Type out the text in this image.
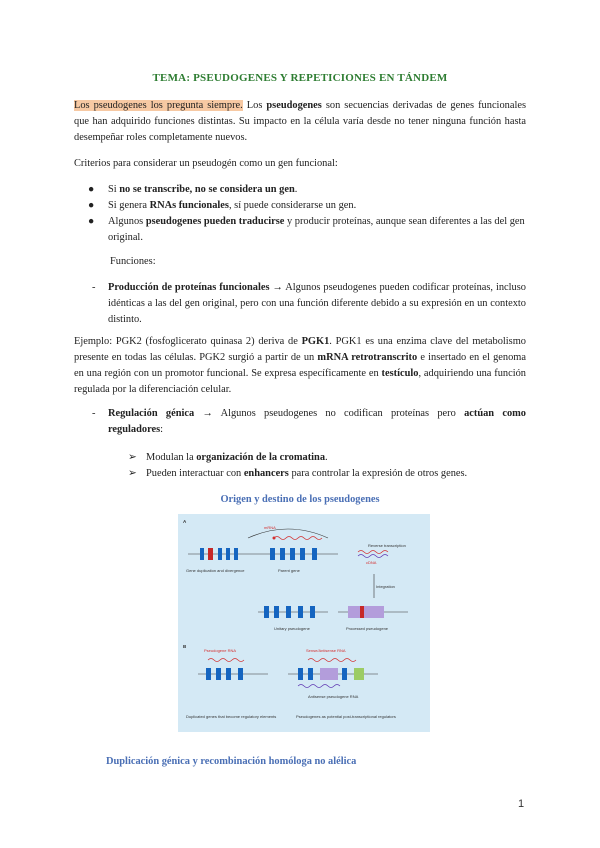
TEMA: PSEUDOGENES Y REPETICIONES EN TÁNDEM
Los pseudogenes los pregunta siempre. Los pseudogenes son secuencias derivadas de genes funcionales que han adquirido funciones distintas. Su impacto en la célula varía desde no tener ninguna función hasta desempeñar roles completamente nuevos.
Criterios para considerar un pseudogén como un gen funcional:
● Si no se transcribe, no se considera un gen.
● Si genera RNAs funcionales, sí puede considerarse un gen.
● Algunos pseudogenes pueden traducirse y producir proteínas, aunque sean diferentes a las del gen original.
Funciones:
- Producción de proteínas funcionales → Algunos pseudogenes pueden codificar proteínas, incluso idénticas a las del gen original, pero con una función diferente debido a su expresión en un contexto distinto.
Ejemplo: PGK2 (fosfoglicerato quinasa 2) deriva de PGK1. PGK1 es una enzima clave del metabolismo presente en todas las células. PGK2 surgió a partir de un mRNA retrotranscrito e insertado en el genoma en una región con un promotor funcional. Se expresa específicamente en testículo, adquiriendo una función regulada por la diferenciación celular.
- Regulación génica → Algunos pseudogenes no codifican proteínas pero actúan como reguladores:
➢ Modulan la organización de la cromatina.
➢ Pueden interactuar con enhancers para controlar la expresión de otros genes.
Origen y destino de los pseudogenes
A
mRNA
Reverse transcription
cDNA
Gene duplication and divergence	Parent gene
Integration
Unitary pseudogene	Processed pseudogene
B
Pseudogene RNA	Sense/Antisense RNA
Antisense pseudogene RNA
Duplicated genes that become regulatory elements	Pseudogenes as potential post-transcriptional regulators
Duplicación génica y recombinación homóloga no alélica
1
